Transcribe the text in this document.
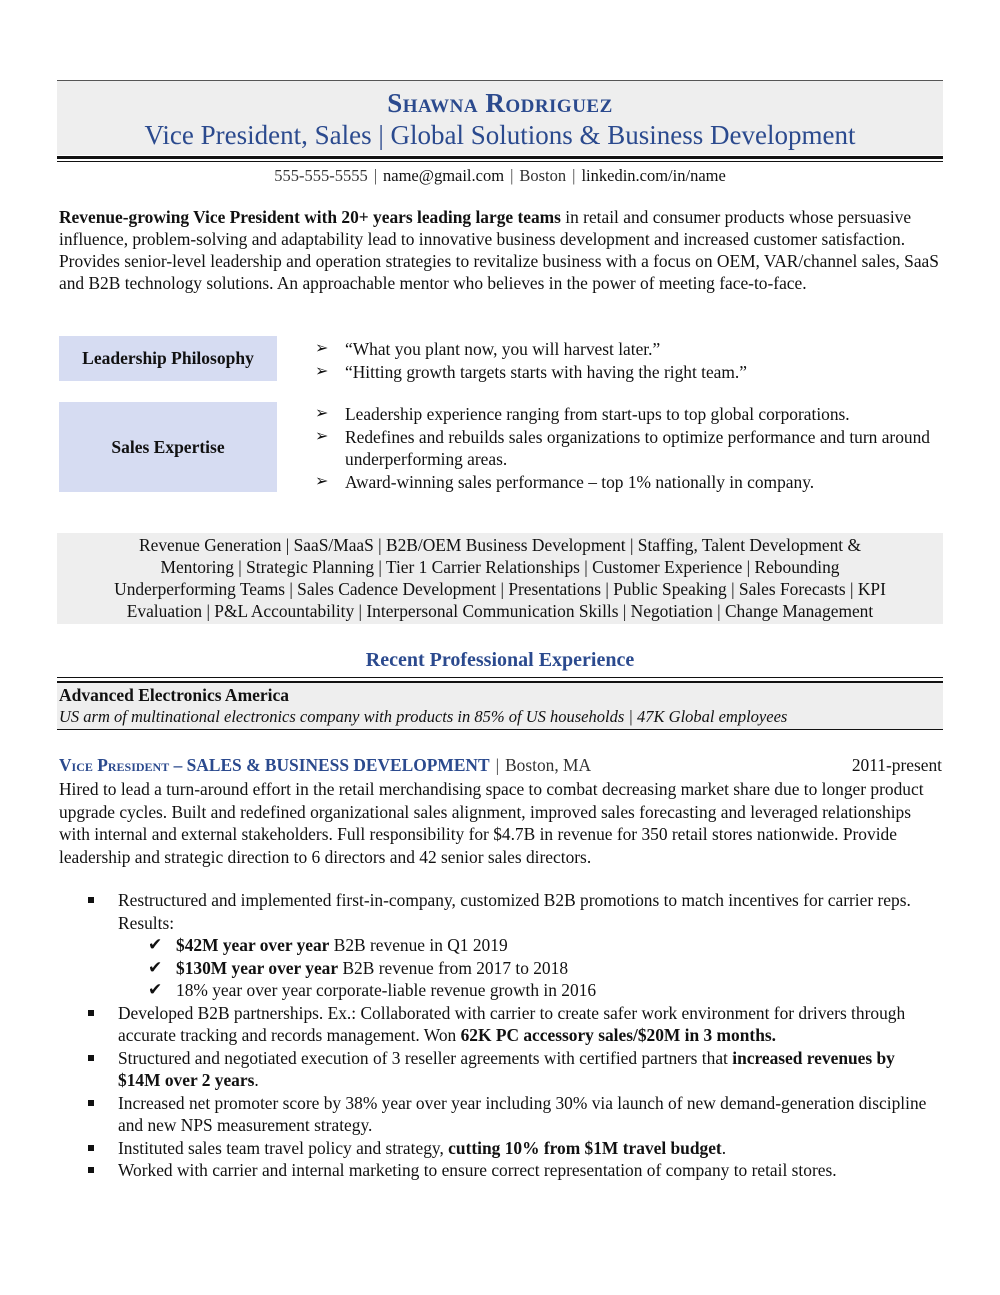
Shawna Rodriguez
Vice President, Sales | Global Solutions & Business Development
555-555-5555 | name@gmail.com | Boston | linkedin.com/in/name

Revenue-growing Vice President with 20+ years leading large teams in retail and consumer products whose persuasive influence, problem-solving and adaptability lead to innovative business development and increased customer satisfaction. Provides senior-level leadership and operation strategies to revitalize business with a focus on OEM, VAR/channel sales, SaaS and B2B technology solutions. An approachable mentor who believes in the power of meeting face-to-face.

Leadership Philosophy	➢ “What you plant now, you will harvest later.”
➢ “Hitting growth targets starts with having the right team.”
Sales Expertise
➢ Leadership experience ranging from start-ups to top global corporations.
➢ Redefines and rebuilds sales organizations to optimize performance and turn around underperforming areas.
➢ Award-winning sales performance – top 1% nationally in company.
Revenue Generation | SaaS/MaaS | B2B/OEM Business Development | Staffing, Talent Development &
Mentoring | Strategic Planning | Tier 1 Carrier Relationships | Customer Experience | Rebounding
Underperforming Teams | Sales Cadence Development | Presentations | Public Speaking | Sales Forecasts | KPI
Evaluation | P&L Accountability | Interpersonal Communication Skills | Negotiation | Change Management
Recent Professional Experience
Advanced Electronics America
US arm of multinational electronics company with products in 85% of US households | 47K Global employees
Vice President – SALES & BUSINESS DEVELOPMENT | Boston, MA	2011-present

Hired to lead a turn-around effort in the retail merchandising space to combat decreasing market share due to longer product upgrade cycles. Built and redefined organizational sales alignment, improved sales forecasting and leveraged relationships with internal and external stakeholders. Full responsibility for $4.7B in revenue for 350 retail stores nationwide. Provide leadership and strategic direction to 6 directors and 42 senior sales directors.

Restructured and implemented first-in-company, customized B2B promotions to match incentives for carrier reps. Results:
✔ $42M year over year B2B revenue in Q1 2019
✔ $130M year over year B2B revenue from 2017 to 2018
✔ 18% year over year corporate-liable revenue growth in 2016
Developed B2B partnerships. Ex.: Collaborated with carrier to create safer work environment for drivers through accurate tracking and records management. Won 62K PC accessory sales/$20M in 3 months.
Structured and negotiated execution of 3 reseller agreements with certified partners that increased revenues by $14M over 2 years.
Increased net promoter score by 38% year over year including 30% via launch of new demand-generation discipline and new NPS measurement strategy.
Instituted sales team travel policy and strategy, cutting 10% from $1M travel budget.
Worked with carrier and internal marketing to ensure correct representation of company to retail stores.
